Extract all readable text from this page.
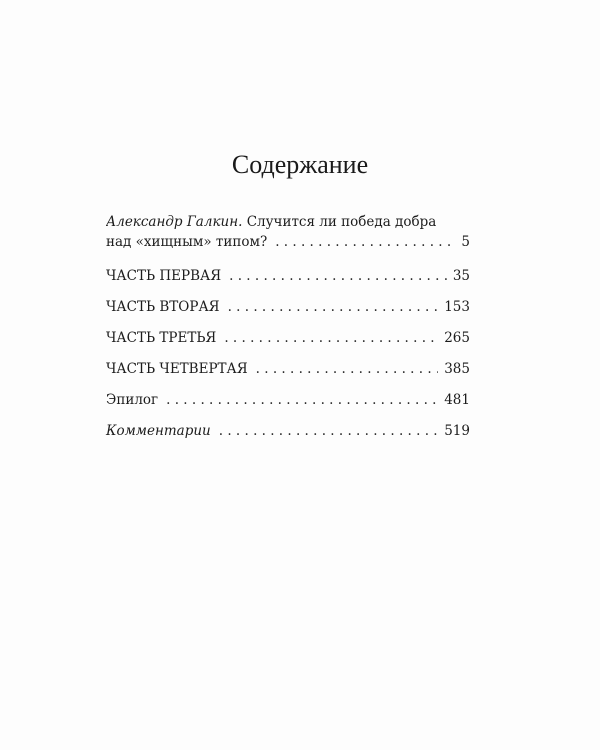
Содержание
Александр Галкин. Случится ли победа добра
над «хищным» типом? . . .	5
ЧАСТЬ ПЕРВАЯ . . .	35
ЧАСТЬ ВТОРАЯ . . .	153
ЧАСТЬ ТРЕТЬЯ . . .	265
ЧАСТЬ ЧЕТВЕРТАЯ . . .	385
Эпилог . . .	481
Комментарии . . .	519
